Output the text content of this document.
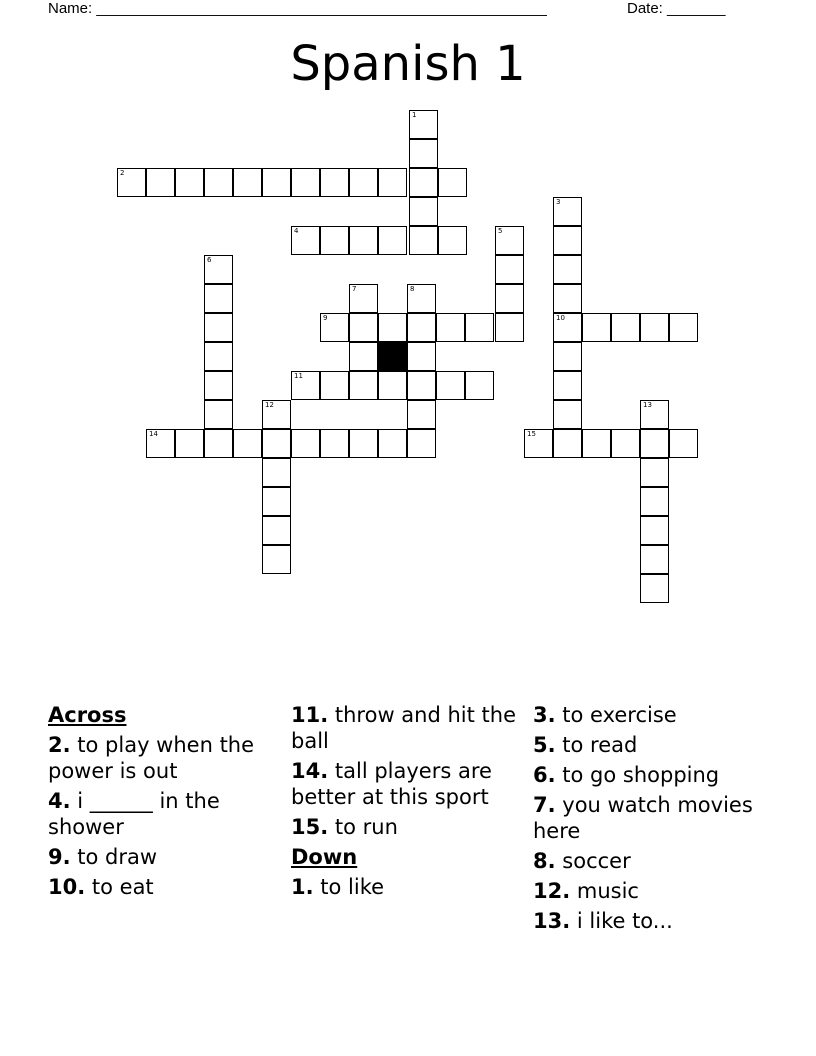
Name: ______________________________________________________	Date: _______
Spanish 1
1
2
3
10
4	5
6
7	8
9
11
12
14	15
13
Across
2. to play when the power is out
4. i ______ in the shower
9. to draw
10. to eat
11. throw and hit the ball
14. tall players are better at this sport
15. to run
Down
1. to like
3. to exercise
5. to read
6. to go shopping
7. you watch movies here
8. soccer
12. music
13. i like to...
